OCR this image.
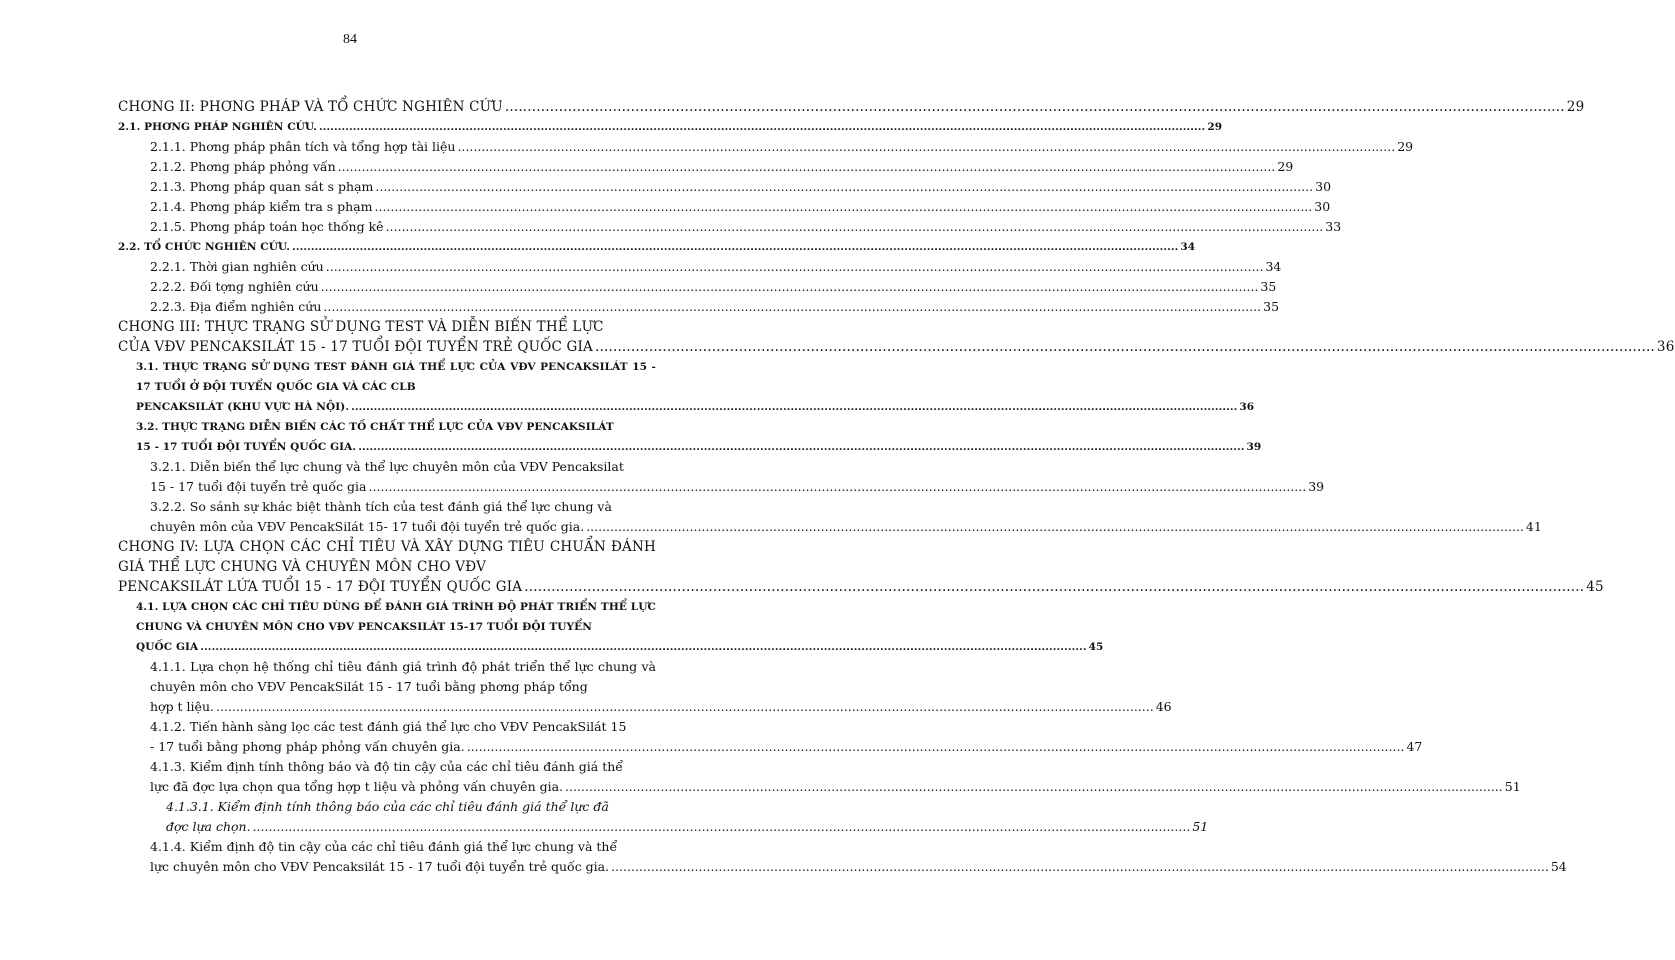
84
CHƠNG II: PHƠNG PHÁP VÀ TỔ CHỨC NGHIÊN CỨU .....	29
2.1. PHƠNG PHÁP NGHIÊN CỨU. .....	29
2.1.1. Phơng pháp phân tích và tổng hợp tài liệu .....	29
2.1.2. Phơng pháp phỏng vấn .....	29
2.1.3. Phơng pháp quan sát s phạm .....	30
2.1.4. Phơng pháp kiểm tra s phạm .....	30
2.1.5. Phơng pháp toán học thống kê .....	33
2.2. TỔ CHỨC NGHIÊN CỨU. .....	34
2.2.1. Thời gian nghiên cứu .....	34
2.2.2. Đối tợng nghiên cứu .....	35
2.2.3. Địa điểm nghiên cứu .....	35
CHƠNG III: THỰC TRẠNG SỬ DỤNG TEST VÀ DIỄN BIẾN THỂ LỰC
CỦA VĐV PENCAKSILÁT 15 - 17 TUỔI ĐỘI TUYỂN TRẺ QUỐC GIA .....	36
3.1. THỰC TRẠNG SỬ DỤNG TEST ĐÁNH GIÁ THỂ LỰC CỦA VĐV PENCAKSILÁT 15 - 17 TUỔI Ở ĐỘI TUYỂN QUỐC GIA VÀ CÁC CLB
PENCAKSILÁT (KHU VỰC HÀ NỘI). .....	36
3.2. THỰC TRẠNG DIỄN BIẾN CÁC TỐ CHẤT THỂ LỰC CỦA VĐV PENCAKSILÁT
15 - 17 TUỔI ĐỘI TUYỂN QUỐC GIA. .....	39
3.2.1. Diễn biến thể lực chung và thể lực chuyên môn của VĐV Pencaksilat
15 - 17 tuổi đội tuyển trẻ quốc gia .....	39
3.2.2. So sánh sự khác biệt thành tích của test đánh giá thể lực chung và
chuyên môn của VĐV PencakSilát 15- 17 tuổi đội tuyển trẻ quốc gia. .....	41
CHƠNG IV: LỰA CHỌN CÁC CHỈ TIÊU VÀ XÂY DỰNG TIÊU CHUẨN ĐÁNH GIÁ THỂ LỰC CHUNG VÀ CHUYÊN MÔN CHO VĐV
PENCAKSILÁT LỨA TUỔI 15 - 17 ĐỘI TUYỂN QUỐC GIA .....	45
4.1. LỰA CHỌN CÁC CHỈ TIÊU DÙNG ĐỂ ĐÁNH GIÁ TRÌNH ĐỘ PHÁT TRIỂN THỂ LỰC CHUNG VÀ CHUYÊN MÔN CHO VĐV PENCAKSILÁT 15-17 TUỔI ĐỘI TUYỂN
QUỐC GIA .....	45
4.1.1. Lựa chọn hệ thống chỉ tiêu đánh giá trình độ phát triển thể lực chung và chuyên môn cho VĐV PencakSilát 15 - 17 tuổi bằng phơng pháp tổng
hợp t liệu. .....	46
4.1.2. Tiến hành sàng lọc các test đánh giá thể lực cho VĐV PencakSilát 15
- 17 tuổi bằng phơng pháp phỏng vấn chuyên gia. .....	47
4.1.3. Kiểm định tính thông báo và độ tin cậy của các chỉ tiêu đánh giá thể
lực đã đợc lựa chọn qua tổng hợp t liệu và phỏng vấn chuyên gia. .....	51
4.1.3.1. Kiểm định tính thông báo của các chỉ tiêu đánh giá thể lực đã
đợc lựa chọn. .....	51
4.1.4. Kiểm định độ tin cậy của các chỉ tiêu đánh giá thể lực chung và thể
lực chuyên môn cho VĐV Pencaksilát 15 - 17 tuổi đội tuyển trẻ quốc gia. .....	54
